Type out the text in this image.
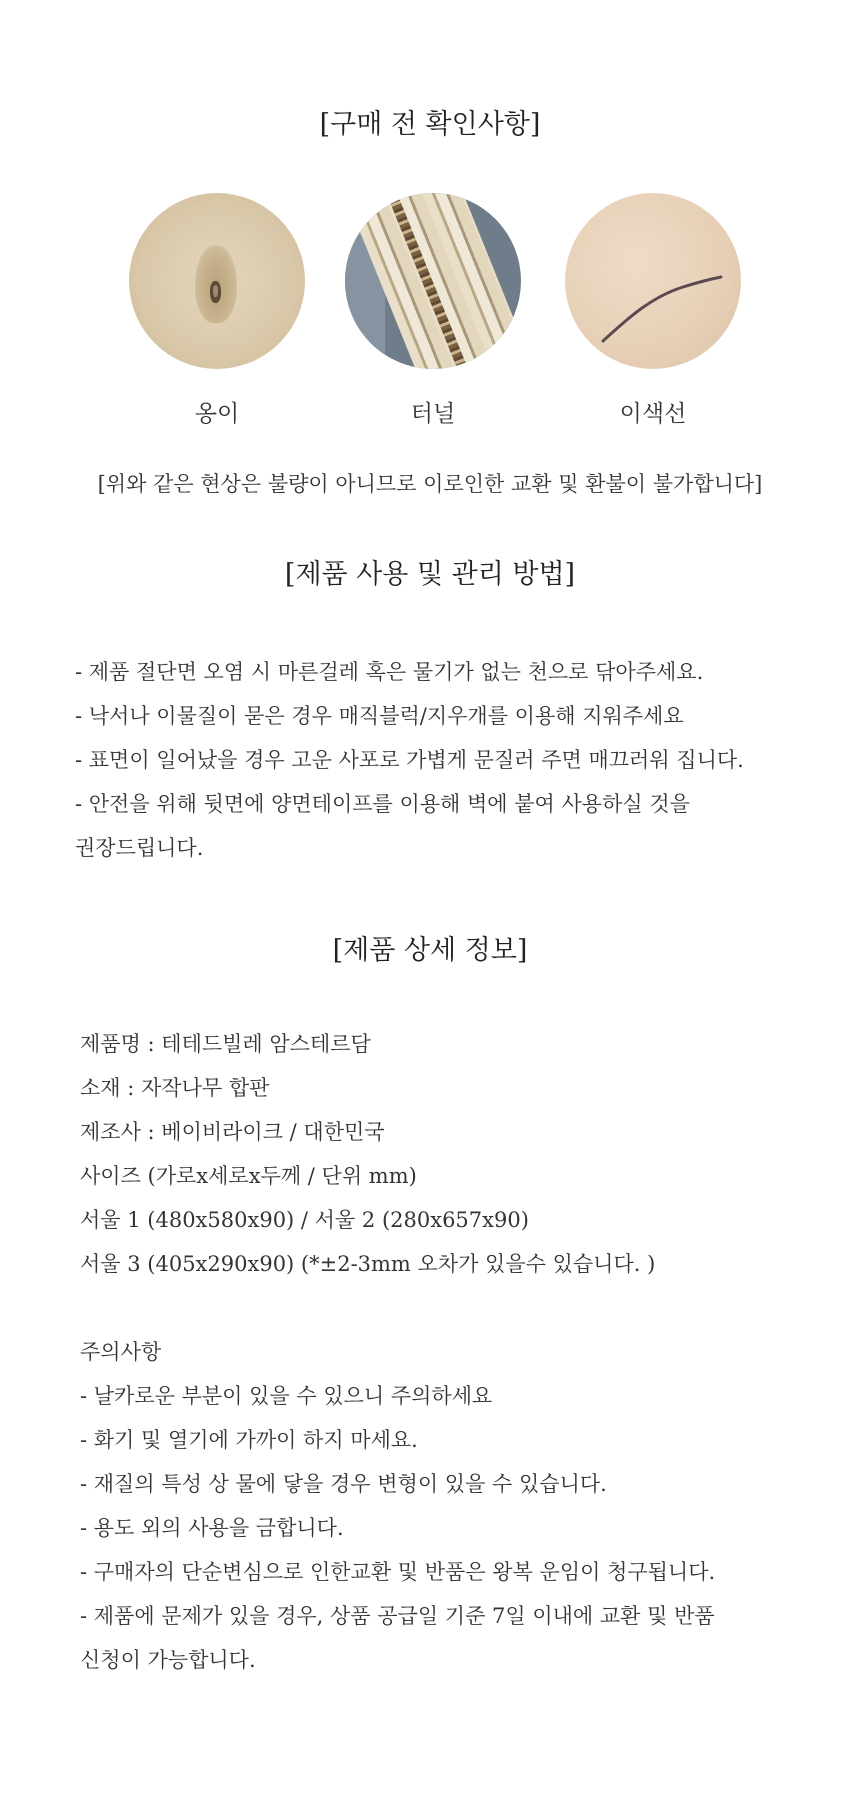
[구매 전 확인사항]
옹이	터널	이색선
[위와 같은 현상은 불량이 아니므로 이로인한 교환 및 환불이 불가합니다]
[제품 사용 및 관리 방법]
- 제품 절단면 오염 시 마른걸레 혹은 물기가 없는 천으로 닦아주세요.
- 낙서나 이물질이 묻은 경우 매직블럭/지우개를 이용해 지워주세요
- 표면이 일어났을 경우 고운 사포로 가볍게 문질러 주면 매끄러워 집니다.
- 안전을 위해 뒷면에 양면테이프를 이용해 벽에 붙여 사용하실 것을
권장드립니다.
[제품 상세 정보]

제품명 : 테테드빌레 암스테르담

소재 : 자작나무 합판

제조사 : 베이비라이크 / 대한민국

사이즈 (가로x세로x두께 / 단위 mm)

서울 1 (480x580x90) / 서울 2 (280x657x90)

서울 3 (405x290x90) (*±2-3mm 오차가 있을수 있습니다. )

주의사항

- 날카로운 부분이 있을 수 있으니 주의하세요

- 화기 및 열기에 가까이 하지 마세요.

- 재질의 특성 상 물에 닿을 경우 변형이 있을 수 있습니다.

- 용도 외의 사용을 금합니다.

- 구매자의 단순변심으로 인한교환 및 반품은 왕복 운임이 청구됩니다.

- 제품에 문제가 있을 경우, 상품 공급일 기준 7일 이내에 교환 및 반품

신청이 가능합니다.
